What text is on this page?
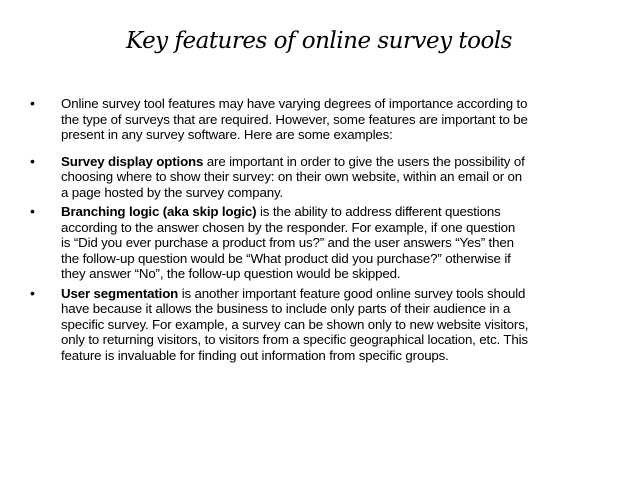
Key features of online survey tools
•	Online survey tool features may have varying degrees of importance according to
the type of surveys that are required. However, some features are important to be
present in any survey software. Here are some examples:
•	Survey display options are important in order to give the users the possibility of
choosing where to show their survey: on their own website, within an email or on
a page hosted by the survey company.
•	Branching logic (aka skip logic) is the ability to address different questions
according to the answer chosen by the responder. For example, if one question
is “Did you ever purchase a product from us?” and the user answers “Yes” then
the follow-up question would be “What product did you purchase?” otherwise if
they answer “No”, the follow-up question would be skipped.
•	User segmentation is another important feature good online survey tools should
have because it allows the business to include only parts of their audience in a
specific survey. For example, a survey can be shown only to new website visitors,
only to returning visitors, to visitors from a specific geographical location, etc. This
feature is invaluable for finding out information from specific groups.
